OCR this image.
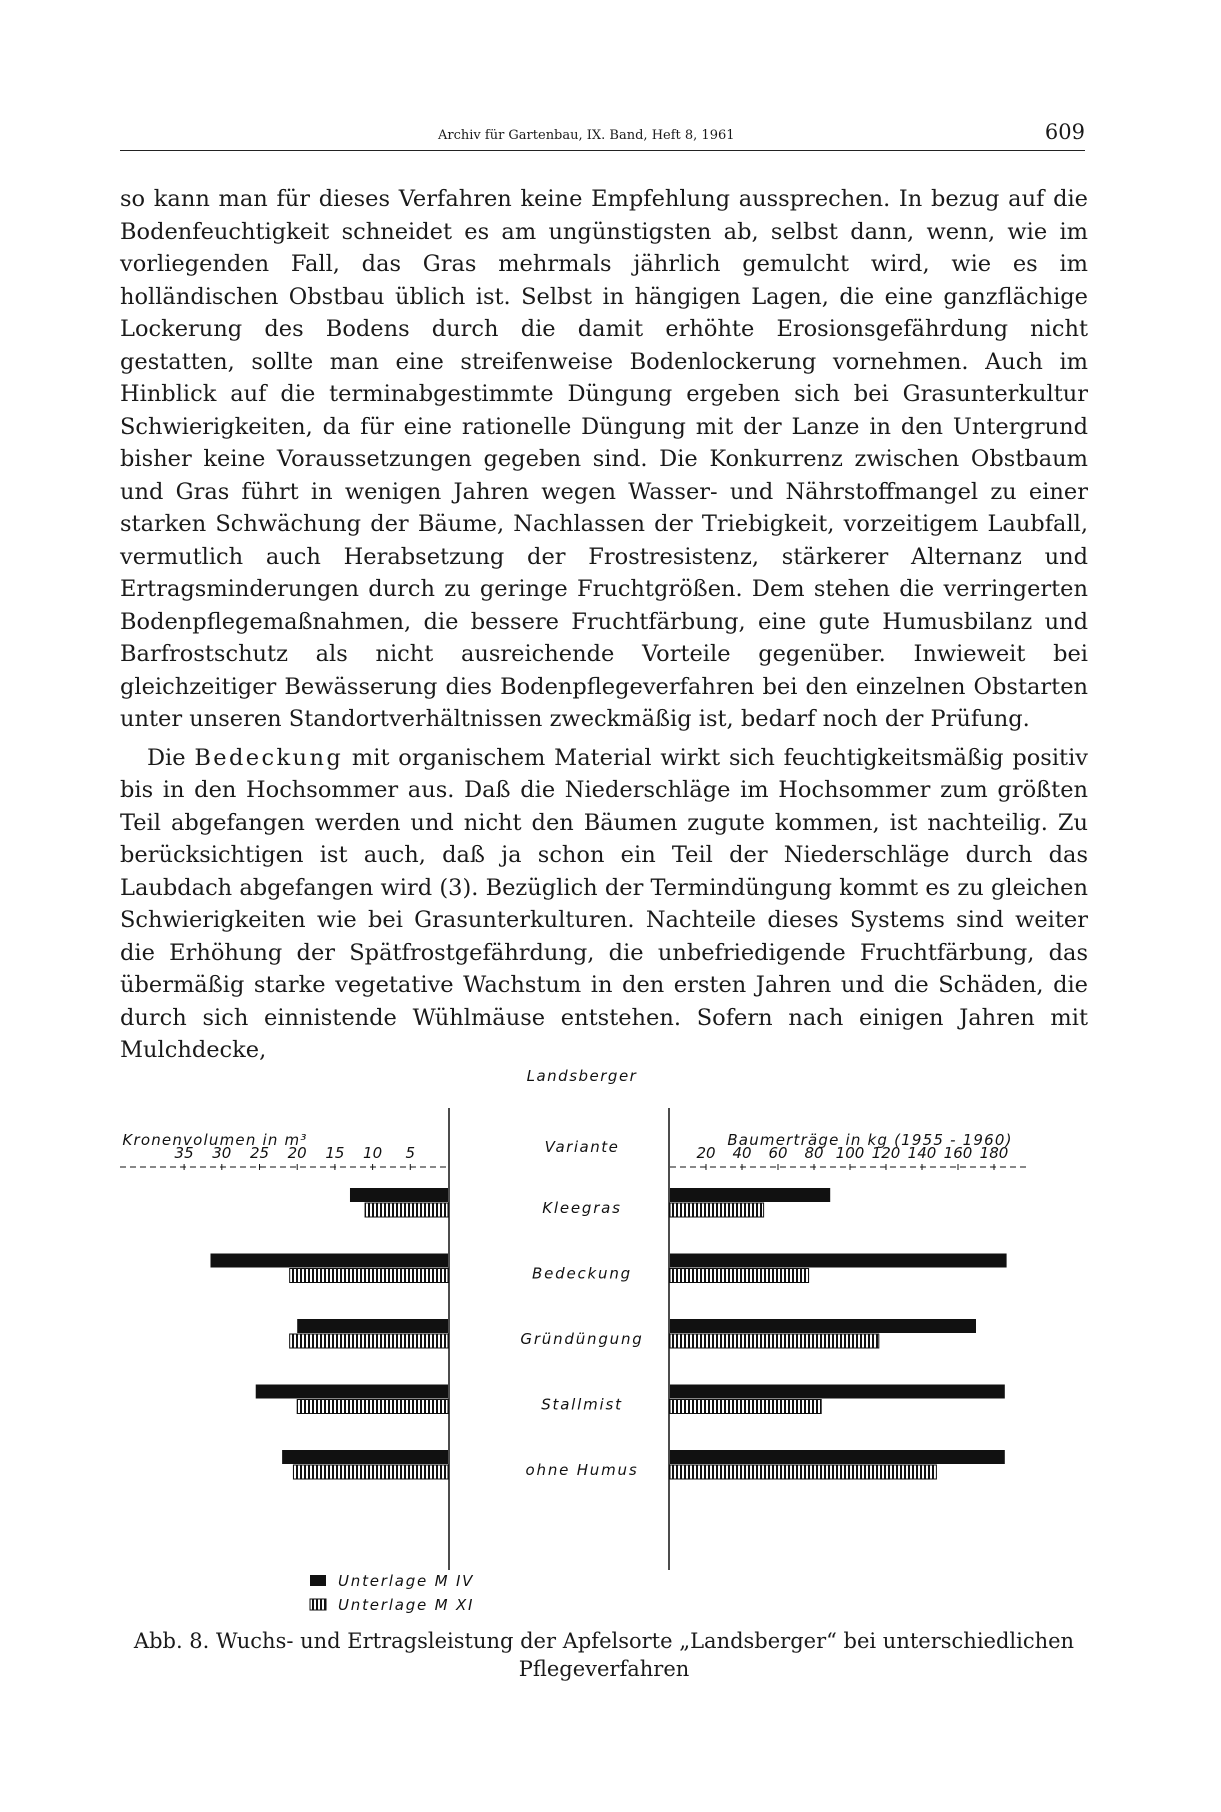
Archiv für Gartenbau, IX. Band, Heft 8, 1961	609

so kann man für dieses Verfahren keine Empfehlung aussprechen. In bezug auf die Bodenfeuchtigkeit schneidet es am ungünstigsten ab, selbst dann, wenn, wie im vorliegenden Fall, das Gras mehrmals jährlich gemulcht wird, wie es im holländischen Obstbau üblich ist. Selbst in hängigen Lagen, die eine ganzflächige Lockerung des Bodens durch die damit erhöhte Erosionsgefährdung nicht gestatten, sollte man eine streifenweise Bodenlockerung vornehmen. Auch im Hinblick auf die terminabgestimmte Düngung ergeben sich bei Grasunterkultur Schwierigkeiten, da für eine rationelle Düngung mit der Lanze in den Untergrund bisher keine Voraussetzungen gegeben sind. Die Konkurrenz zwischen Obstbaum und Gras führt in wenigen Jahren wegen Wasser- und Nährstoffmangel zu einer starken Schwächung der Bäume, Nachlassen der Triebigkeit, vorzeitigem Laubfall, vermutlich auch Herabsetzung der Frostresistenz, stärkerer Alternanz und Ertragsminderungen durch zu geringe Fruchtgrößen. Dem stehen die verringerten Bodenpflegemaßnahmen, die bessere Fruchtfärbung, eine gute Humusbilanz und Barfrostschutz als nicht ausreichende Vorteile gegenüber. Inwieweit bei gleichzeitiger Bewässerung dies Bodenpflegeverfahren bei den einzelnen Obstarten unter unseren Standortverhältnissen zweckmäßig ist, bedarf noch der Prüfung.

Die Bedeckung mit organischem Material wirkt sich feuchtigkeitsmäßig positiv bis in den Hochsommer aus. Daß die Niederschläge im Hochsommer zum größten Teil abgefangen werden und nicht den Bäumen zugute kommen, ist nachteilig. Zu berücksichtigen ist auch, daß ja schon ein Teil der Niederschläge durch das Laubdach abgefangen wird (3). Bezüglich der Termindüngung kommt es zu gleichen Schwierigkeiten wie bei Grasunterkulturen. Nachteile dieses Systems sind weiter die Erhöhung der Spätfrostgefährdung, die unbefriedigende Fruchtfärbung, das übermäßig starke vegetative Wachstum in den ersten Jahren und die Schäden, die durch sich einnistende Wühlmäuse entstehen. Sofern nach einigen Jahren mit Mulchdecke,

Landsberger
Variante
Kronenvolumen in m³
35 30 25 20 15 10 5
Baumerträge in kg (1955 - 1960)
20 40 60 80 100 120 140 160 180
Kleegras
Bedeckung
Gründüngung
Stallmist
ohne Humus
Unterlage M IV
Unterlage M XI
Abb. 8. Wuchs- und Ertragsleistung der Apfelsorte „Landsberger“ bei unterschiedlichen Pflegeverfahren
